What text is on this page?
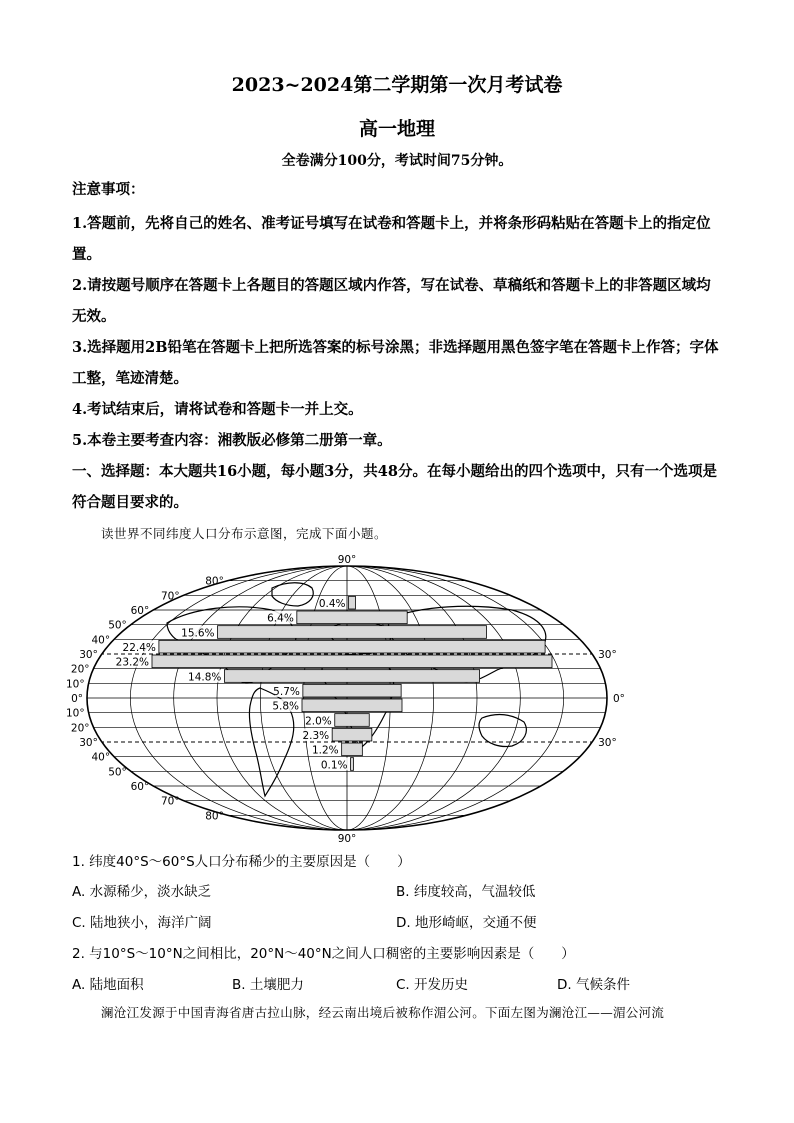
2023~2024第二学期第一次月考试卷
高一地理
全卷满分100分，考试时间75分钟。
注意事项：
1.答题前，先将自己的姓名、准考证号填写在试卷和答题卡上，并将条形码粘贴在答题卡上的指定位置。
2.请按题号顺序在答题卡上各题目的答题区域内作答，写在试卷、草稿纸和答题卡上的非答题区域均无效。
3.选择题用2B铅笔在答题卡上把所选答案的标号涂黑；非选择题用黑色签字笔在答题卡上作答；字体工整，笔迹清楚。
4.考试结束后，请将试卷和答题卡一并上交。
5.本卷主要考查内容：湘教版必修第二册第一章。
一、选择题：本大题共16小题，每小题3分，共48分。在每小题给出的四个选项中，只有一个选项是符合题目要求的。
读世界不同纬度人口分布示意图，完成下面小题。
0.4%
6.4%
15.6%
22.4%
23.2%
14.8%
5.7%
5.8%
2.0%
2.3%
1.2%
0.1%
80°
70°
60°
50°
40°
30°
20°
10°
0°
10°
20°
30°
40°
50°
60°
70°
80°
30°
0°
30°
90°
90°
1. 纬度40°S～60°S人口分布稀少的主要原因是（　　）
A. 水源稀少，淡水缺乏	B. 纬度较高，气温较低
C. 陆地狭小，海洋广阔	D. 地形崎岖，交通不便
2. 与10°S～10°N之间相比，20°N～40°N之间人口稠密的主要影响因素是（　　）
A. 陆地面积	B. 土壤肥力	C. 开发历史	D. 气候条件
澜沧江发源于中国青海省唐古拉山脉，经云南出境后被称作湄公河。下面左图为澜沧江——湄公河流
